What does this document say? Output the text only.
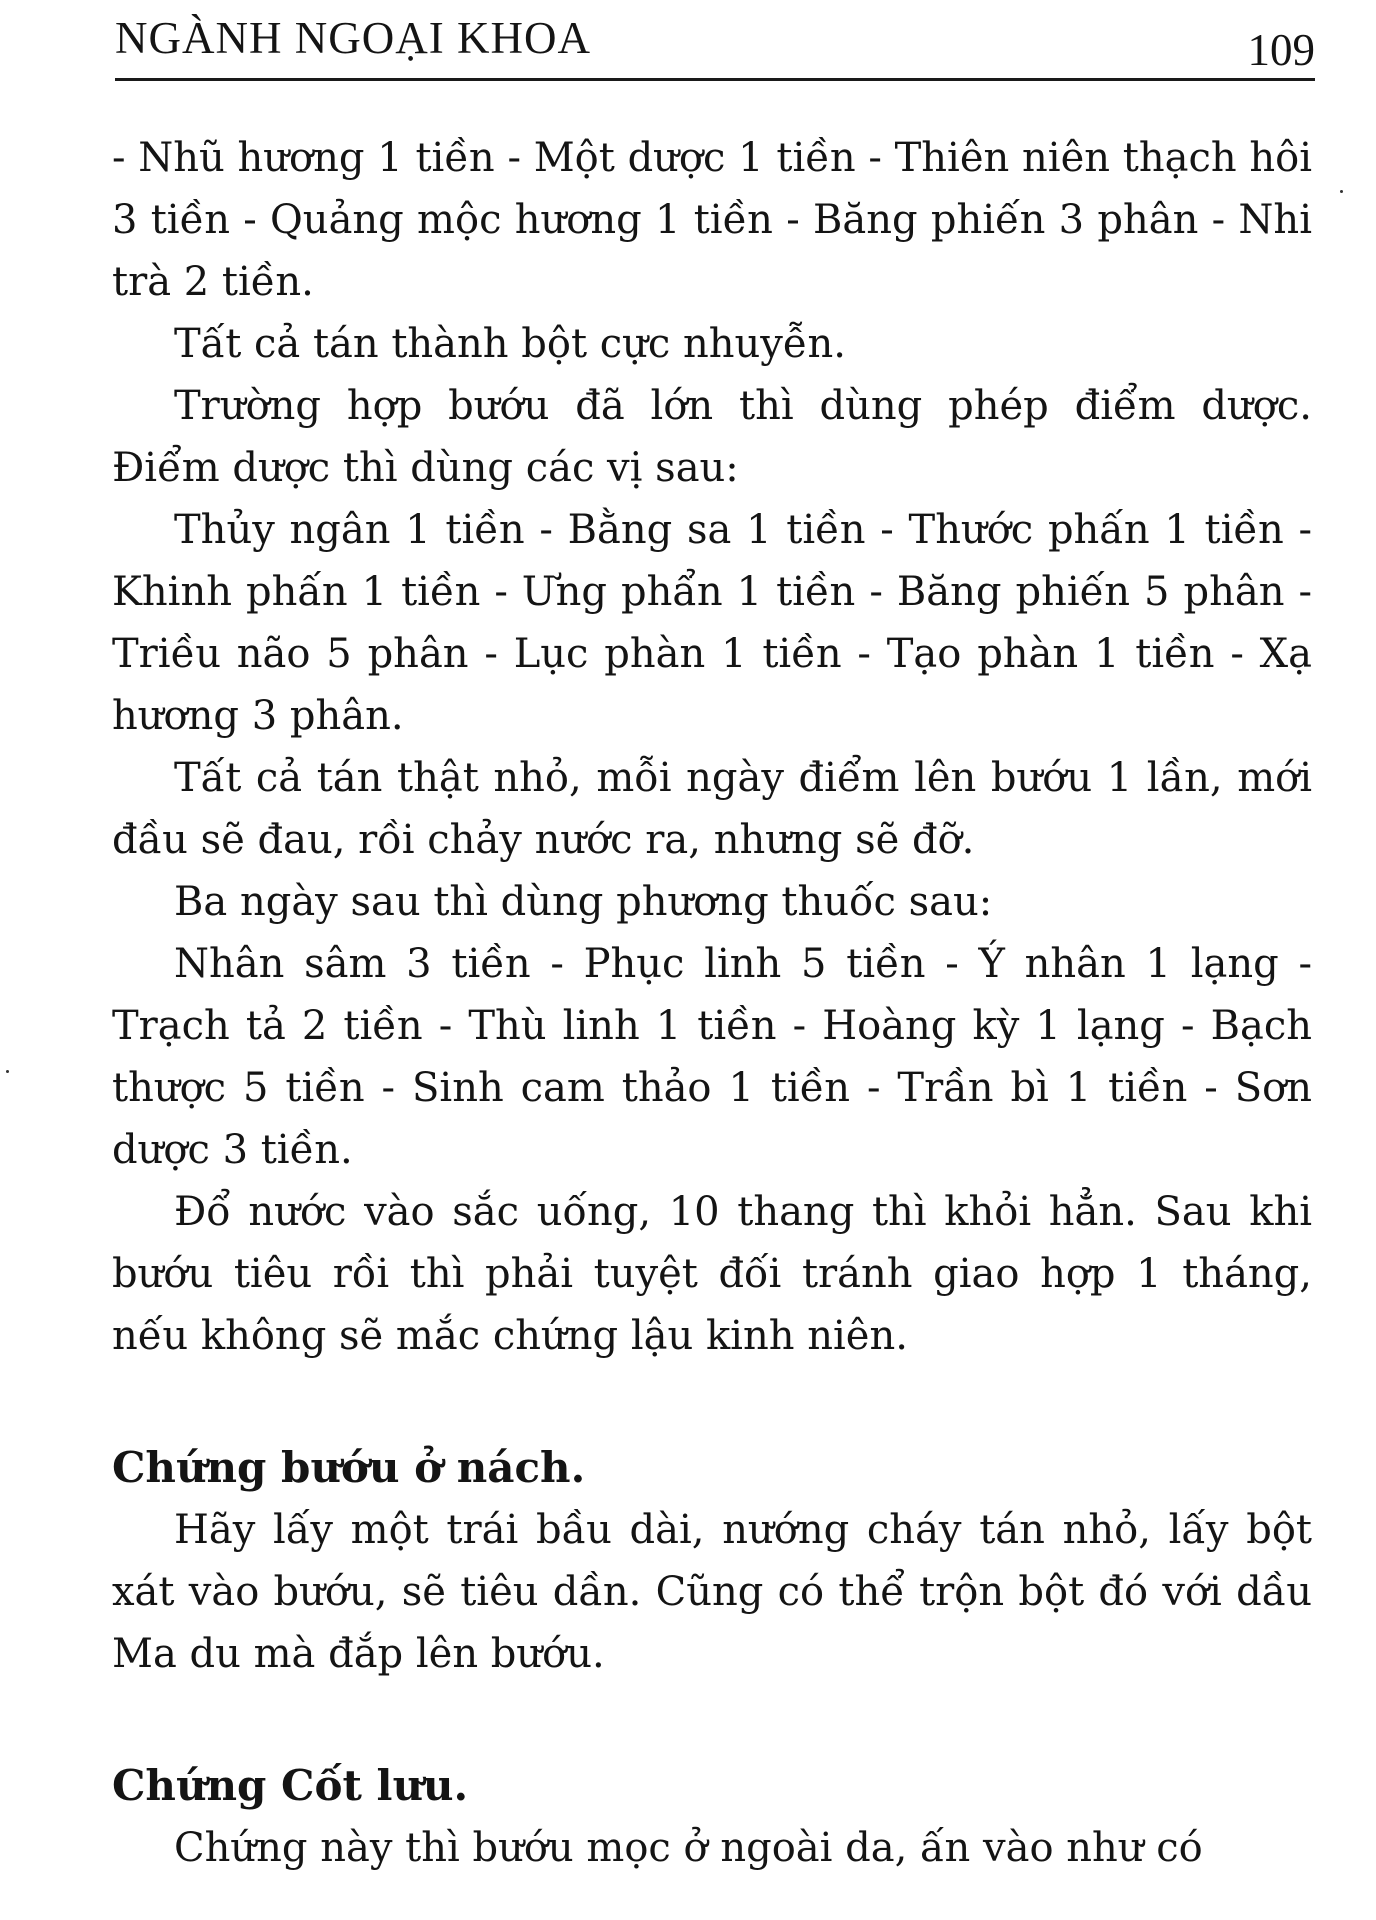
NGÀNH NGOẠI KHOA	109

- Nhũ hương 1 tiền - Một dược 1 tiền - Thiên niên thạch hôi 3 tiền - Quảng mộc hương 1 tiền - Băng phiến 3 phân - Nhi trà 2 tiền.

Tất cả tán thành bột cực nhuyễn.

Trường hợp bướu đã lớn thì dùng phép điểm dược. Điểm dược thì dùng các vị sau:

Thủy ngân 1 tiền - Bằng sa 1 tiền - Thước phấn 1 tiền - Khinh phấn 1 tiền - Ưng phẩn 1 tiền - Băng phiến 5 phân - Triều não 5 phân - Lục phàn 1 tiền - Tạo phàn 1 tiền - Xạ hương 3 phân.

Tất cả tán thật nhỏ, mỗi ngày điểm lên bướu 1 lần, mới đầu sẽ đau, rồi chảy nước ra, nhưng sẽ đỡ.

Ba ngày sau thì dùng phương thuốc sau:

Nhân sâm 3 tiền - Phục linh 5 tiền - Ý nhân 1 lạng - Trạch tả 2 tiền - Thù linh 1 tiền - Hoàng kỳ 1 lạng - Bạch thược 5 tiền - Sinh cam thảo 1 tiền - Trần bì 1 tiền - Sơn dược 3 tiền.

Đổ nước vào sắc uống, 10 thang thì khỏi hẳn. Sau khi bướu tiêu rồi thì phải tuyệt đối tránh giao hợp 1 tháng, nếu không sẽ mắc chứng lậu kinh niên.

Chứng bướu ở nách.

Hãy lấy một trái bầu dài, nướng cháy tán nhỏ, lấy bột xát vào bướu, sẽ tiêu dần. Cũng có thể trộn bột đó với dầu Ma du mà đắp lên bướu.

Chứng Cốt lưu.

Chứng này thì bướu mọc ở ngoài da, ấn vào như có
